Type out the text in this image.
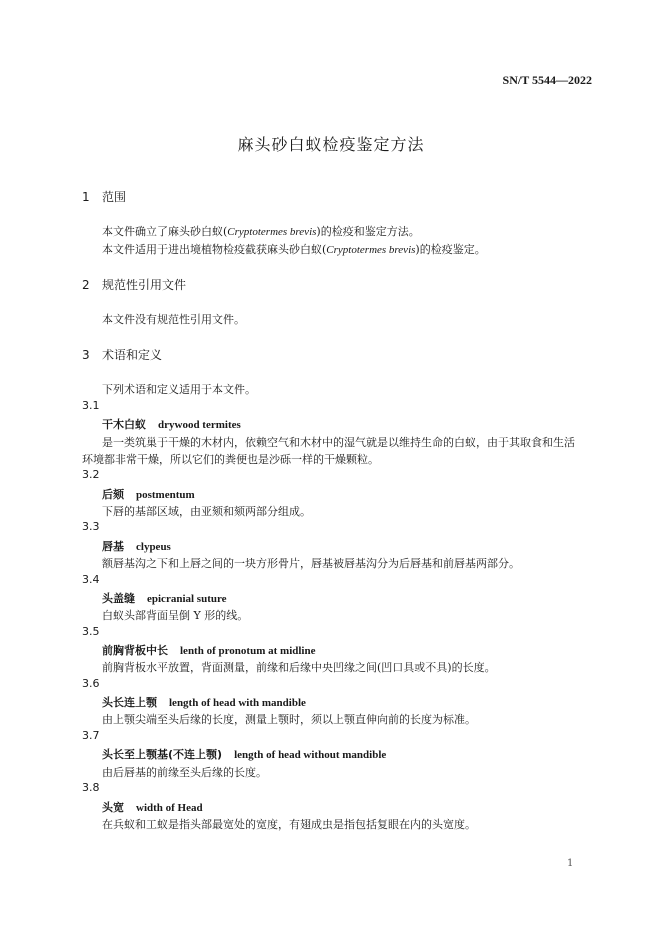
SN/T 5544—2022
麻头砂白蚁检疫鉴定方法
1 范围
本文件确立了麻头砂白蚁(Cryptotermes brevis)的检疫和鉴定方法。
本文件适用于进出境植物检疫截获麻头砂白蚁(Cryptotermes brevis)的检疫鉴定。
2 规范性引用文件
本文件没有规范性引用文件。
3 术语和定义
下列术语和定义适用于本文件。
3.1
干木白蚁 drywood termites
是一类筑巢于干燥的木材内，依赖空气和木材中的湿气就是以维持生命的白蚁，由于其取食和生活
环境都非常干燥，所以它们的粪便也是沙砾一样的干燥颗粒。
3.2
后颏 postmentum
下唇的基部区域，由亚颏和颏两部分组成。
3.3
唇基 clypeus
额唇基沟之下和上唇之间的一块方形骨片，唇基被唇基沟分为后唇基和前唇基两部分。
3.4
头盖缝 epicranial suture
白蚁头部背面呈倒 Y 形的线。
3.5
前胸背板中长 lenth of pronotum at midline
前胸背板水平放置，背面测量，前缘和后缘中央凹缘之间(凹口具或不具)的长度。
3.6
头长连上颚 length of head with mandible
由上颚尖端至头后缘的长度，测量上颚时，须以上颚直伸向前的长度为标准。
3.7
头长至上颚基(不连上颚) length of head without mandible
由后唇基的前缘至头后缘的长度。
3.8
头宽 width of Head
在兵蚁和工蚁是指头部最宽处的宽度，有翅成虫是指包括复眼在内的头宽度。
1
